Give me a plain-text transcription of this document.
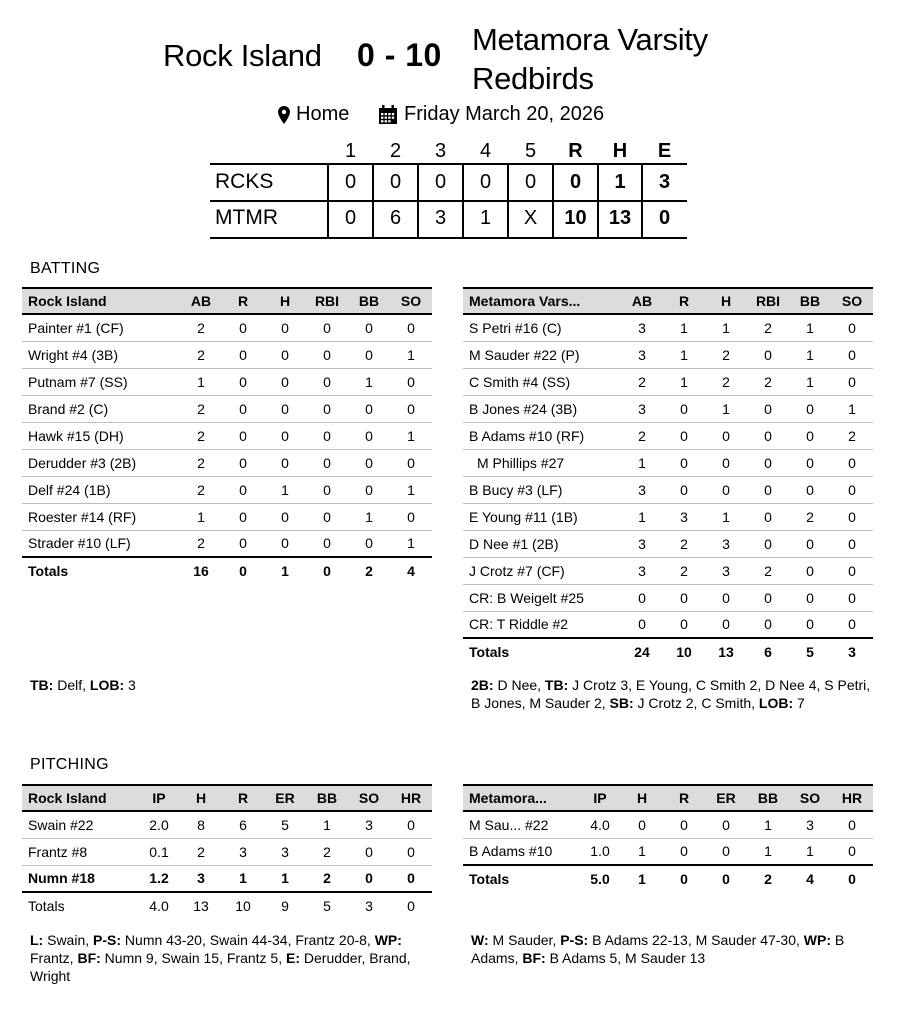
Rock Island 0 - 10 Metamora Varsity
Redbirds
Home	Friday March 20, 2026
1	2	3	4	5	R	H	E
RCKS	0	0	0	0	0	0	1	3
MTMR	0	6	3	1	X	10	13	0
BATTING
Rock Island	AB	R	H	RBI	BB	SO
Painter #1 (CF)	2	0	0	0	0	0
Wright #4 (3B)	2	0	0	0	0	1
Putnam #7 (SS)	1	0	0	0	1	0
Brand #2 (C)	2	0	0	0	0	0
Hawk #15 (DH)	2	0	0	0	0	1
Derudder #3 (2B)	2	0	0	0	0	0
Delf #24 (1B)	2	0	1	0	0	1
Roester #14 (RF)	1	0	0	0	1	0
Strader #10 (LF)	2	0	0	0	0	1
Totals	16	0	1	0	2	4
Metamora Vars...	AB	R	H	RBI	BB	SO
S Petri #16 (C)	3	1	1	2	1	0
M Sauder #22 (P)	3	1	2	0	1	0
C Smith #4 (SS)	2	1	2	2	1	0
B Jones #24 (3B)	3	0	1	0	0	1
B Adams #10 (RF)	2	0	0	0	0	2
M Phillips #27	1	0	0	0	0	0
B Bucy #3 (LF)	3	0	0	0	0	0
E Young #11 (1B)	1	3	1	0	2	0
D Nee #1 (2B)	3	2	3	0	0	0
J Crotz #7 (CF)	3	2	3	2	0	0
CR: B Weigelt #25	0	0	0	0	0	0
CR: T Riddle #2	0	0	0	0	0	0
Totals	24	10	13	6	5	3
TB: Delf, LOB: 3	2B: D Nee, TB: J Crotz 3, E Young, C Smith 2, D Nee 4, S Petri, B Jones, M Sauder 2, SB: J Crotz 2, C Smith, LOB: 7
PITCHING
Rock Island	IP	H	R	ER	BB	SO	HR
Swain #22	2.0	8	6	5	1	3	0
Frantz #8	0.1	2	3	3	2	0	0
Numn #18	1.2	3	1	1	2	0	0
Totals	4.0	13	10	9	5	3	0
Metamora...	IP	H	R	ER	BB	SO	HR
M Sau... #22	4.0	0	0	0	1	3	0
B Adams #10	1.0	1	0	0	1	1	0
Totals	5.0	1	0	0	2	4	0
L: Swain, P-S: Numn 43-20, Swain 44-34, Frantz 20-8, WP: Frantz, BF: Numn 9, Swain 15, Frantz 5, E: Derudder, Brand, Wright
W: M Sauder, P-S: B Adams 22-13, M Sauder 47-30, WP: B Adams, BF: B Adams 5, M Sauder 13
